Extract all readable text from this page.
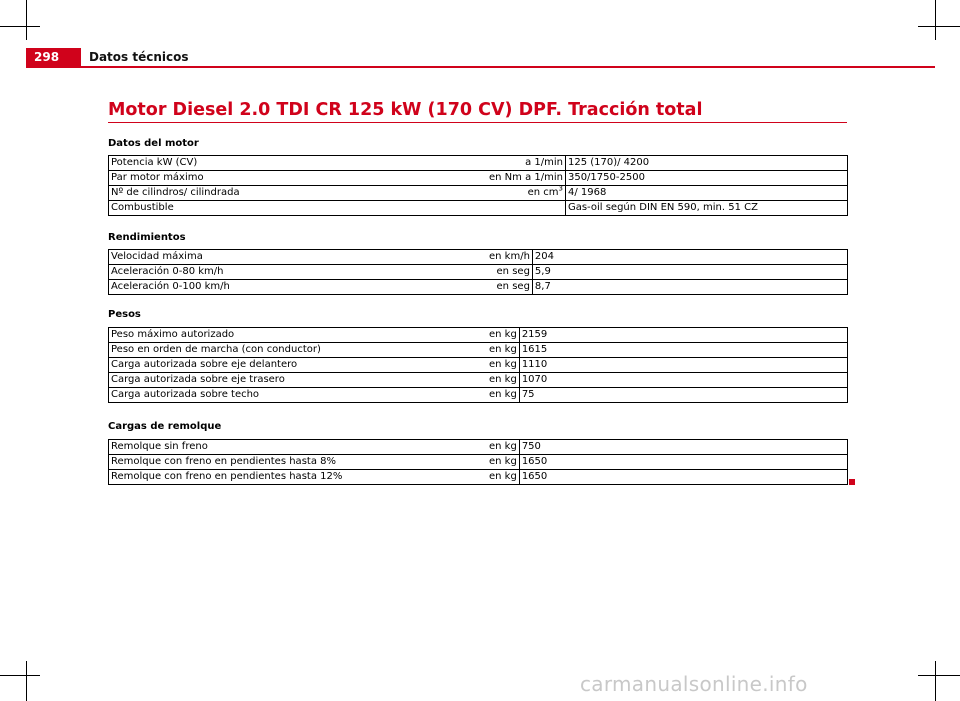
298	Datos técnicos
Motor Diesel 2.0 TDI CR 125 kW (170 CV) DPF. Tracción total
Datos del motor
Potencia kW (CV)	a 1/min	125 (170)/ 4200
Par motor máximo	en Nm a 1/min	350/1750-2500
Nº de cilindros/ cilindrada	en $cm^3$	4/ 1968
Combustible		Gas-oil según DIN EN 590, min. 51 CZ
Rendimientos
Velocidad máxima	en km/h	204
Aceleración 0-80 km/h	en seg	5,9
Aceleración 0-100 km/h	en seg	8,7
Pesos
Peso máximo autorizado	en kg	2159
Peso en orden de marcha (con conductor)	en kg	1615
Carga autorizada sobre eje delantero	en kg	1110
Carga autorizada sobre eje trasero	en kg	1070
Carga autorizada sobre techo	en kg	75
Cargas de remolque
Remolque sin freno	en kg	750
Remolque con freno en pendientes hasta 8%	en kg	1650
Remolque con freno en pendientes hasta 12%	en kg	1650
carmanualsonline.info
